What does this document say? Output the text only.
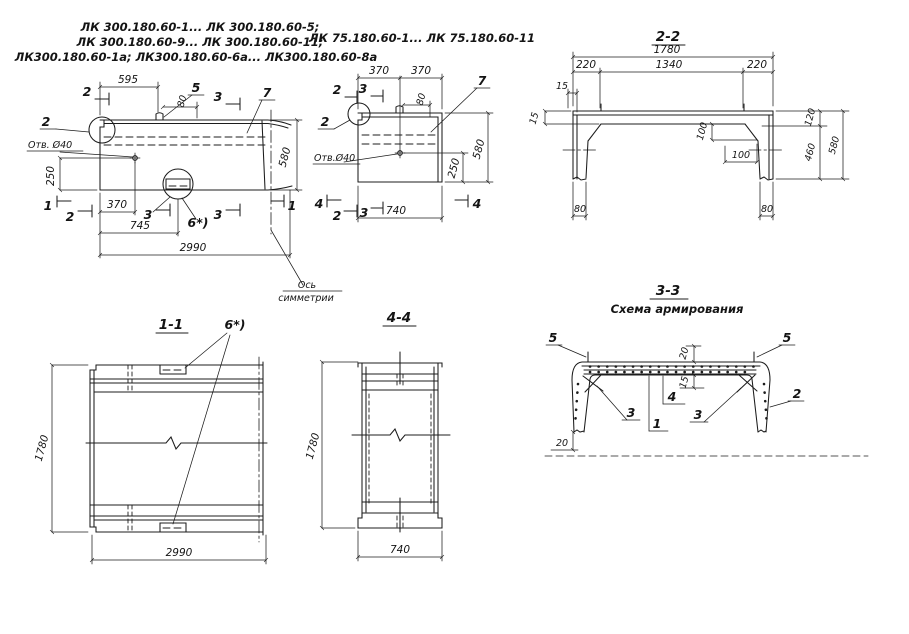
ЛК 300.180.60-1... ЛК 300.180.60-5;
ЛК 300.180.60-9... ЛК 300.180.60-11;
ЛК300.180.60-1а; ЛК300.180.60-6а... ЛК300.180.60-8а
ЛК 75.180.60-1... ЛК 75.180.60-11
595
80
5	7
2
Отв. Ø40
250
370
745
2990
580
2	3
1
2	3	3
1
6*)
Ось
симметрии
370 370
80
7
2
Отв.Ø40	250
580
740
2 3
4
2 3
4
2-2
1780
220	1340	220
15
15
100
100
120
460 580
80	80
1-1	6*)
1780
2990
4-4
1780
740
3-3
Схема армирования
5	5
2
3	3
4
1
20
15
20
